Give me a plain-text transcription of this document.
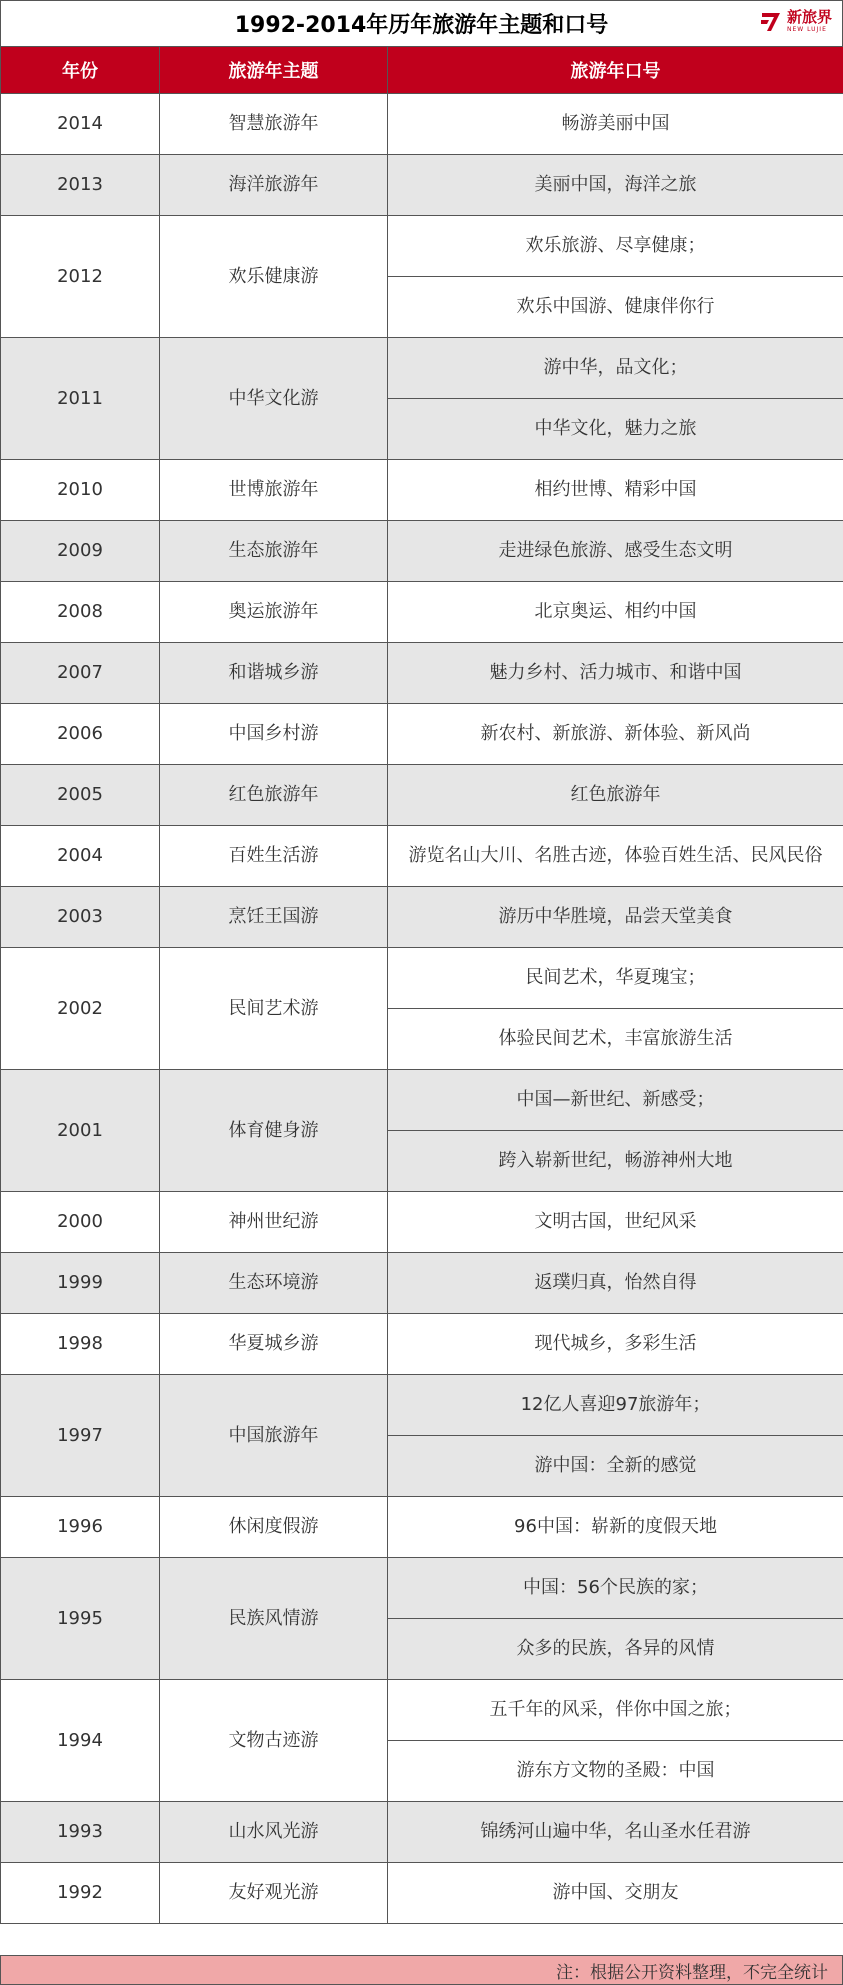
1992-2014年历年旅游年主题和口号	新旅界
NEW LUJIE
年份	旅游年主题	旅游年口号
2014	智慧旅游年	畅游美丽中国
2013	海洋旅游年	美丽中国，海洋之旅
2012	欢乐健康游	欢乐旅游、尽享健康；
		欢乐中国游、健康伴你行
2011	中华文化游	游中华，品文化；
		中华文化，魅力之旅
2010	世博旅游年	相约世博、精彩中国
2009	生态旅游年	走进绿色旅游、感受生态文明
2008	奥运旅游年	北京奥运、相约中国
2007	和谐城乡游	魅力乡村、活力城市、和谐中国
2006	中国乡村游	新农村、新旅游、新体验、新风尚
2005	红色旅游年	红色旅游年
2004	百姓生活游	游览名山大川、名胜古迹，体验百姓生活、民风民俗
2003	烹饪王国游	游历中华胜境，品尝天堂美食
2002	民间艺术游	民间艺术，华夏瑰宝；
		体验民间艺术，丰富旅游生活
2001	体育健身游	中国—新世纪、新感受；
		跨入崭新世纪，畅游神州大地
2000	神州世纪游	文明古国，世纪风采
1999	生态环境游	返璞归真，怡然自得
1998	华夏城乡游	现代城乡，多彩生活
1997	中国旅游年	12亿人喜迎97旅游年；
		游中国：全新的感觉
1996	休闲度假游	96中国：崭新的度假天地
1995	民族风情游	中国：56个民族的家；
		众多的民族，各异的风情
1994	文物古迹游	五千年的风采，伴你中国之旅；
		游东方文物的圣殿：中国
1993	山水风光游	锦绣河山遍中华，名山圣水任君游
1992	友好观光游	游中国、交朋友
注：根据公开资料整理，不完全统计
